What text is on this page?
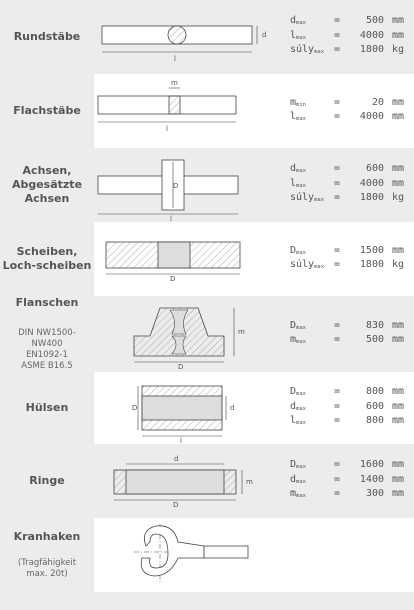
Rundstäbe
l
d
$d_{max}$	=	500 mm
$l_{max}$	=	4000 mm
súly$_{max}$ =	1800 kg
Flachstäbe
m
l
$m_{min}$	=	20 mm
$l_{max}$	=	4000 mm
Achsen,
Abgesätzte
Achsen
D
l
$d_{max}$	=	600 mm
$l_{max}$	=	4000 mm
súly$_{max}$ =	1800 kg
Scheiben,
Loch-scheiben
D
$D_{max}$	=	1500 mm
súly$_{max}$ =	1800 kg
Flanschen
DIN NW1500-
NW400
EN1092-1
ASME B16.5
m
D
$D_{max}$	=	830 mm
$m_{max}$	=	500 mm
Hülsen	D	d
l
$D_{max}$	=	800 mm
$d_{max}$	=	600 mm
$l_{max}$	=	800 mm
Ringe
d
m
D
$D_{max}$	=	1600 mm
$d_{max}$	=	1400 mm
$m_{max}$	=	300 mm
Kranhaken
(Tragfähigkeit
max. 20t)
